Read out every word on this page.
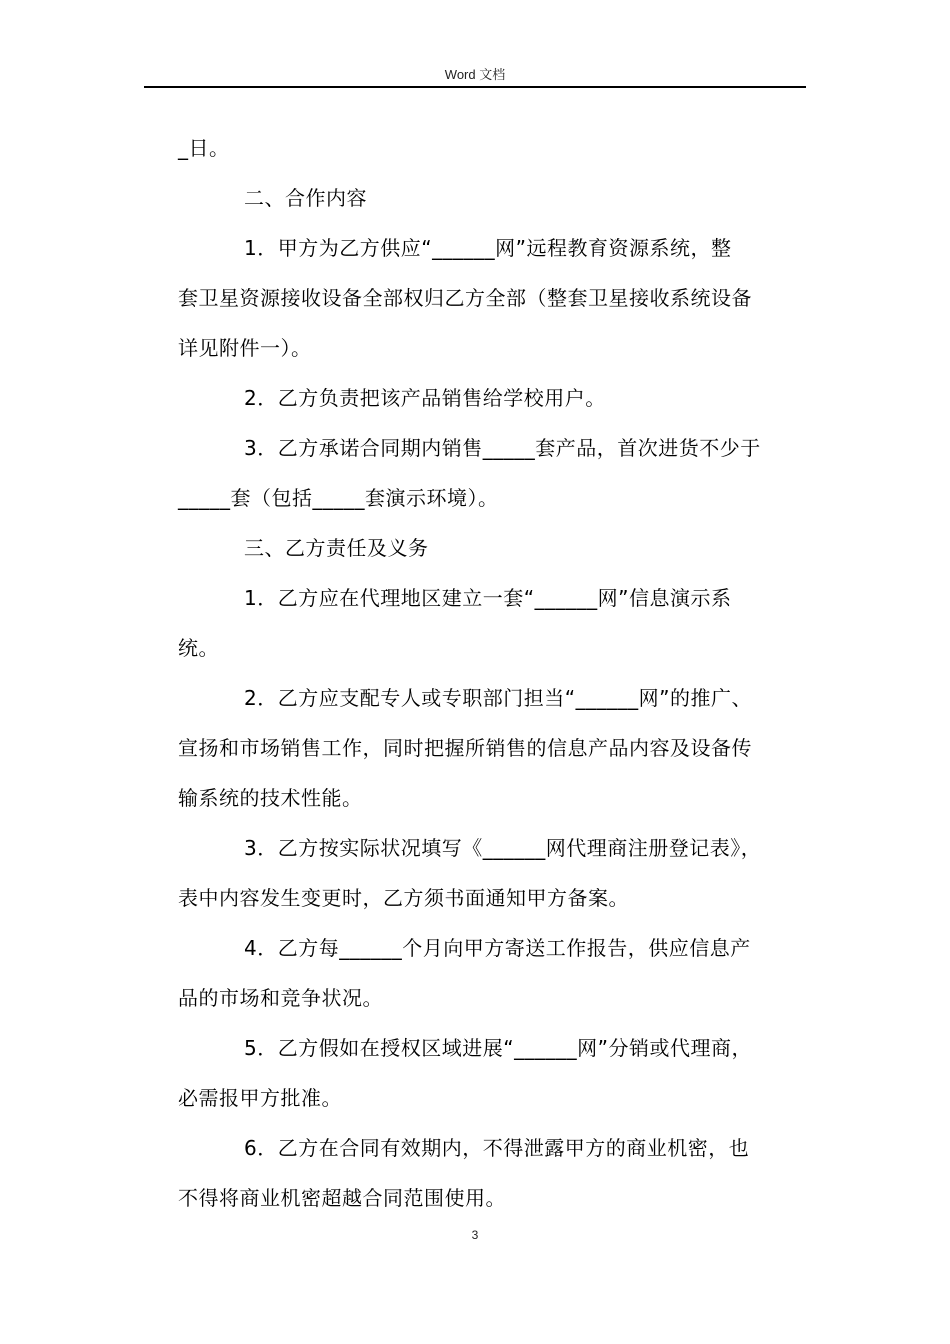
Word 文档
_日。
二、合作内容
1．甲方为乙方供应“______网”远程教育资源系统，整
套卫星资源接收设备全部权归乙方全部（整套卫星接收系统设备
详见附件一）。
2．乙方负责把该产品销售给学校用户。
3．乙方承诺合同期内销售_____套产品，首次进货不少于
_____套（包括_____套演示环境）。
三、乙方责任及义务
1．乙方应在代理地区建立一套“______网”信息演示系
统。
2．乙方应支配专人或专职部门担当“______网”的推广、
宣扬和市场销售工作，同时把握所销售的信息产品内容及设备传
输系统的技术性能。
3．乙方按实际状况填写《______网代理商注册登记表》，
表中内容发生变更时，乙方须书面通知甲方备案。
4．乙方每______个月向甲方寄送工作报告，供应信息产
品的市场和竞争状况。
5．乙方假如在授权区域进展“______网”分销或代理商，
必需报甲方批准。
6．乙方在合同有效期内，不得泄露甲方的商业机密，也
不得将商业机密超越合同范围使用。
3
